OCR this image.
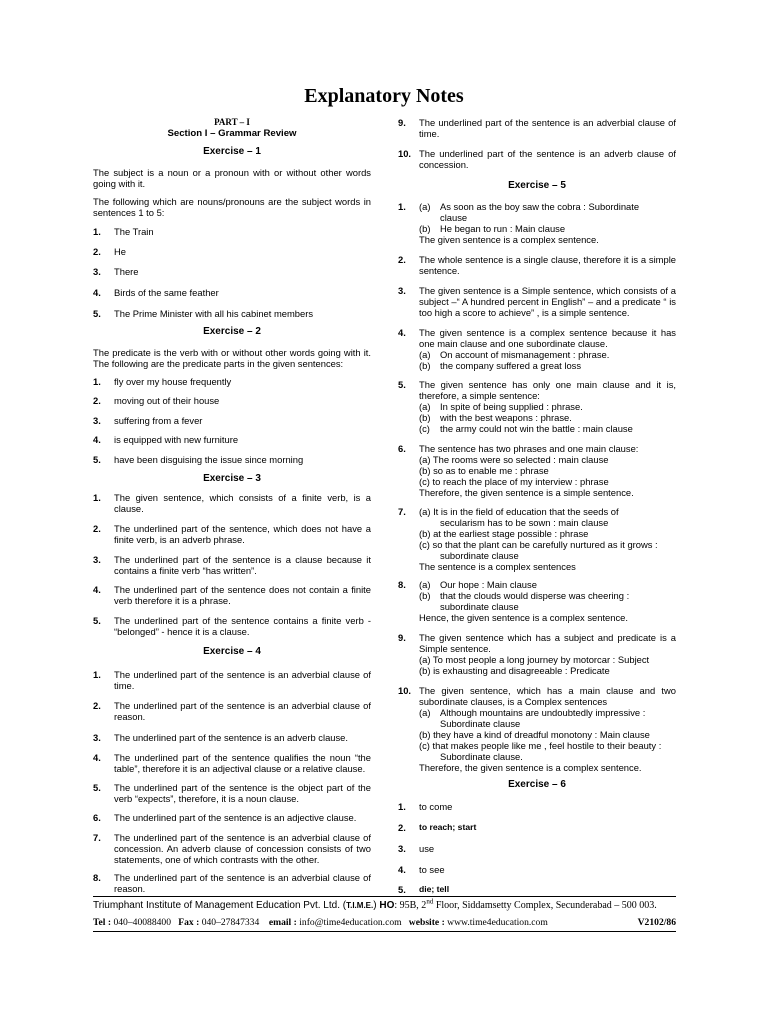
Explanatory Notes
PART – I
Section I – Grammar Review
Exercise – 1
The subject is a noun or a pronoun with or without other words going with it.
The following which are nouns/pronouns are the subject words in sentences 1 to 5:
1.	The Train
2.	He
3.	There
4.	Birds of the same feather
5.	The Prime Minister with all his cabinet members
Exercise – 2
The predicate is the verb with or without other words going with it. The following are the predicate parts in the given sentences:
1.	fly over my house frequently
2.	moving out of their house
3.	suffering from a fever
4.	is equipped with new furniture
5.	have been disguising the issue since morning
Exercise – 3
1.	The given sentence, which consists of a finite verb, is a clause.
2.	The underlined part of the sentence, which does not have a finite verb, is an adverb phrase.
3.	The underlined part of the sentence is a clause because it contains a finite verb “has written”.
4.	The underlined part of the sentence does not contain a finite verb therefore it is a phrase.
5.	The underlined part of the sentence contains a finite verb - “belonged” - hence it is a clause.
Exercise – 4
1.	The underlined part of the sentence is an adverbial clause of time.
2.	The underlined part of the sentence is an adverbial clause of reason.
3.	The underlined part of the sentence is an adverb clause.
4.	The underlined part of the sentence qualifies the noun “the table”, therefore it is an adjectival clause or a relative clause.
5.	The underlined part of the sentence is the object part of the verb “expects”, therefore, it is a noun clause.
6.	The underlined part of the sentence is an adjective clause.
7.	The underlined part of the sentence is an adverbial clause of concession. An adverb clause of concession consists of two statements, one of which contrasts with the other.
8.	The underlined part of the sentence is an adverbial clause of reason.
9.	The underlined part of the sentence is an adverbial clause of time.
10. The underlined part of the sentence is an adverb clause of concession.
Exercise – 5
1.	(a)	As soon as the boy saw the cobra : Subordinate
clause
(b)	He began to run : Main clause
The given sentence is a complex sentence.
2.	The whole sentence is a single clause, therefore it is a simple sentence.
3.	The given sentence is a Simple sentence, which consists of a subject –“ A hundred percent in English” – and a predicate “ is too high a score to achieve” , is a simple sentence.
4.	The given sentence is a complex sentence because it has one main clause and one subordinate clause.
(a)	On account of mismanagement : phrase.
(b)	the company suffered a great loss
5.	The given sentence has only one main clause and it is, therefore, a simple sentence:
(a)	In spite of being supplied : phrase.
(b)	with the best weapons : phrase.
(c)	the army could not win the battle : main clause
6.	The sentence has two phrases and one main clause:
(a) The rooms were so selected : main clause
(b) so as to enable me : phrase
(c) to reach the place of my interview : phrase
Therefore, the given sentence is a simple sentence.
7.	(a) It is in the field of education that the seeds of
secularism has to be sown : main clause
(b) at the earliest stage possible : phrase
(c) so that the plant can be carefully nurtured as it grows :
subordinate clause
The sentence is a complex sentences
8.	(a)	Our hope : Main clause
(b)	that the clouds would disperse was cheering :
subordinate clause
Hence, the given sentence is a complex sentence.
9.	The given sentence which has a subject and predicate is a Simple sentence.
(a) To most people a long journey by motorcar : Subject
(b) is exhausting and disagreeable : Predicate
10. The given sentence, which has a main clause and two subordinate clauses, is a Complex sentences
(a)	Although mountains are undoubtedly impressive :
Subordinate clause
(b) they have a kind of dreadful monotony : Main clause
(c) that makes people like me , feel hostile to their beauty :
Subordinate clause.
Therefore, the given sentence is a complex sentence.
Exercise – 6
1.	to come
2.	to reach; start
3.	use
4.	to see
5.	die; tell
Triumphant Institute of Management Education Pvt. Ltd. (T.I.M.E.) HO: 95B, 2nd Floor, Siddamsetty Complex, Secunderabad – 500 003.
Tel : 040–40088400 Fax : 040–27847334 email : info@time4education.com website : www.time4education.com	V2102/86
